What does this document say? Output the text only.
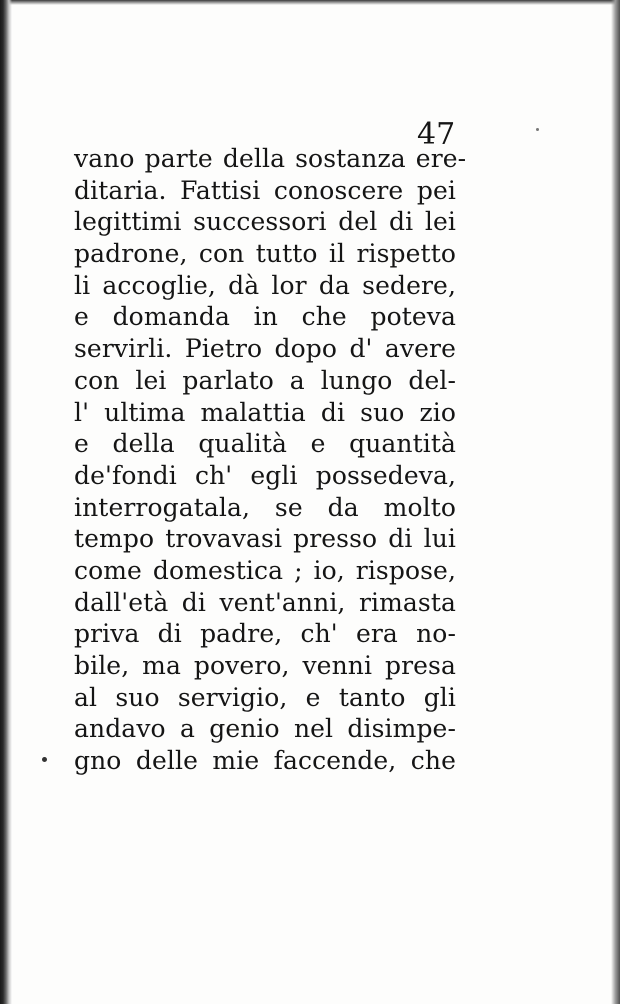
47
vano parte della sostanza ere-
ditaria. Fattisi conoscere pei
legittimi successori del di lei
padrone, con tutto il rispetto
li accoglie, dà lor da sedere,
e domanda in che poteva
servirli. Pietro dopo d' avere
con lei parlato a lungo del-
l' ultima malattia di suo zio
e della qualità e quantità
de'fondi ch' egli possedeva,
interrogatala, se da molto
tempo trovavasi presso di lui
come domestica ; io, rispose,
dall'età di vent'anni, rimasta
priva di padre, ch' era no-
bile, ma povero, venni presa
al suo servigio, e tanto gli
andavo a genio nel disimpe-
gno delle mie faccende, che
